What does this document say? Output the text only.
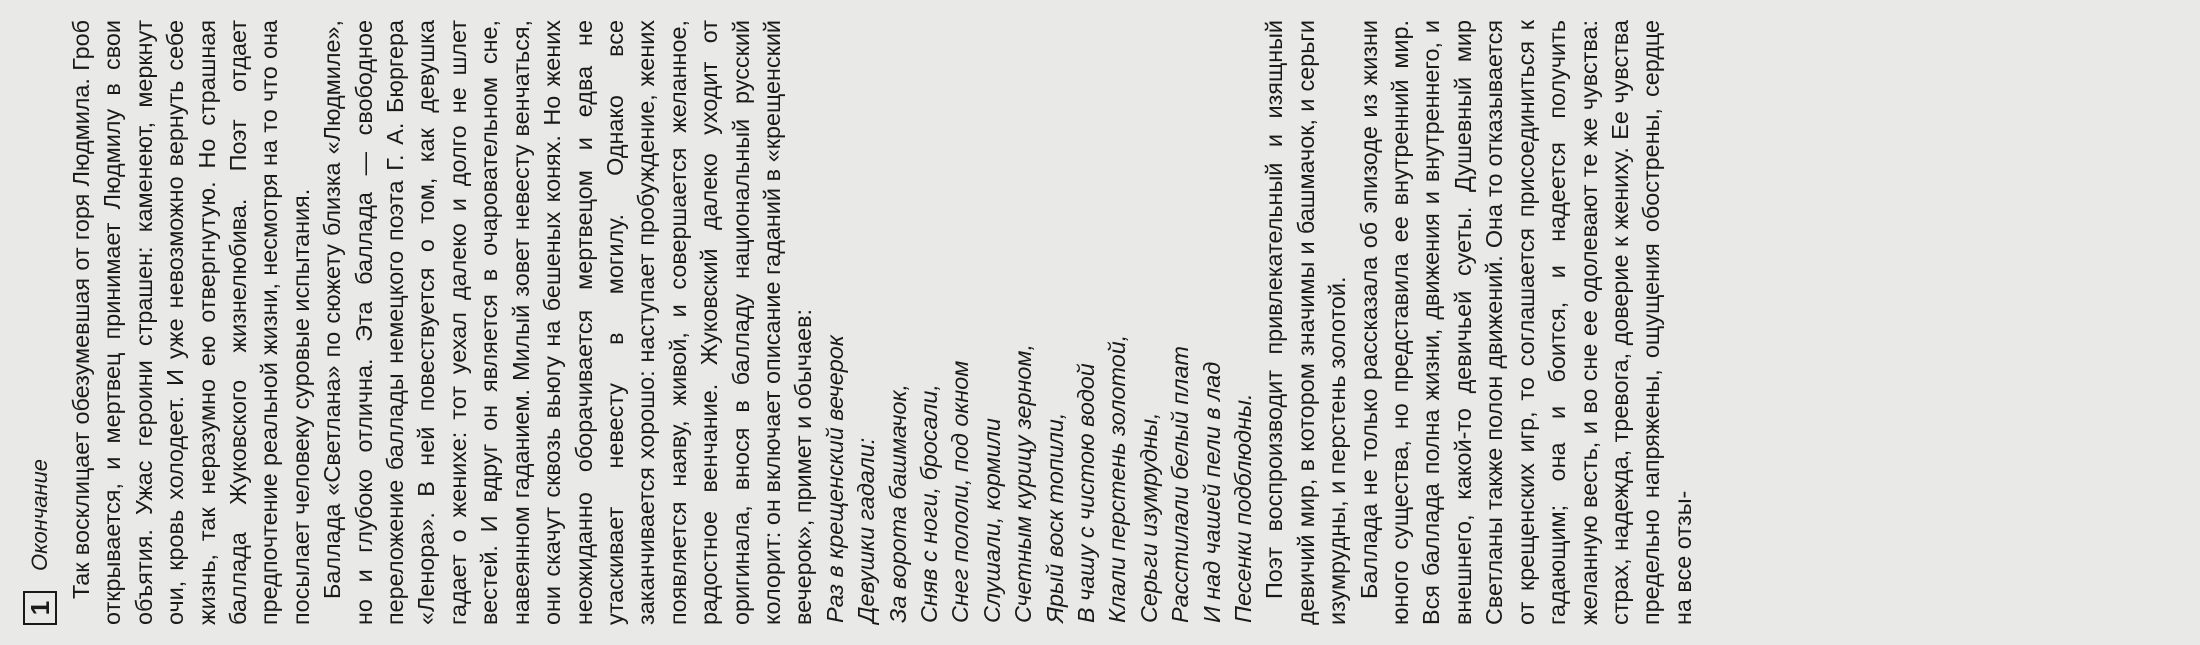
1
Окончание Так восклицает обезумевшая от горя Людмила. Гроб открывается, и мертвец принимает Людмилу в свои объятия. Ужас героини страшен: каменеют, меркнут очи, кровь холодеет. И уже невозможно вернуть себе жизнь, так неразумно ею отвергнутую. Но страшная баллада Жуковского жизнелюбива. Поэт отдает предпочтение реальной жизни, несмотря на то что она посылает человеку суровые испытания. Баллада «Светлана» по сюжету близка «Людмиле», но и глубоко отлична. Эта баллада — свободное переложение баллады немецкого поэта Г. А. Бюргера «Ленора». В ней повествуется о том, как девушка гадает о женихе: тот уехал далеко и долго не шлет вестей. И вдруг он является в очаровательном сне, навеянном гаданием. Милый зовет невесту венчаться, они скачут сквозь вьюгу на бешеных конях. Но жених неожиданно оборачивается мертвецом и едва не утаскивает невесту в могилу. Однако все заканчивается хорошо: наступает пробуждение, жених появляется наяву, живой, и совершается желанное, радостное венчание. Жуковский далеко уходит от оригинала, внося в балладу национальный русский колорит: он включает описание гаданий в «крещенский вечерок», примет и обычаев: Раз в крещенский вечерок Девушки гадали: За ворота башмачок, Сняв с ноги, бросали, Снег пололи, под окном Слушали, кормили Счетным курицу зерном, Ярый воск топили, В чашу с чистою водой Клали перстень золотой, Серьги изумрудны, Расстилали белый плат И над чашей пели в лад Песенки подблюдны. Поэт воспроизводит привлекательный и изящный девичий мир, в котором значимы и башмачок, и серьги изумрудны, и перстень золотой. Баллада не только рассказала об эпизоде из жизни юного существа, но представила ее внутренний мир. Вся баллада полна жизни, движения и внутреннего, и внешнего, какой-то девичьей суеты. Душевный мир Светланы также полон движений. Она то отказывается от крещенских игр, то соглашается присоединиться к гадающим; она и боится, и надеется получить желанную весть, и во сне ее одолевают те же чувства: страх, надежда, тревога, доверие к жениху. Ее чувства предельно напряжены, ощущения обострены, сердце на все отзы-
